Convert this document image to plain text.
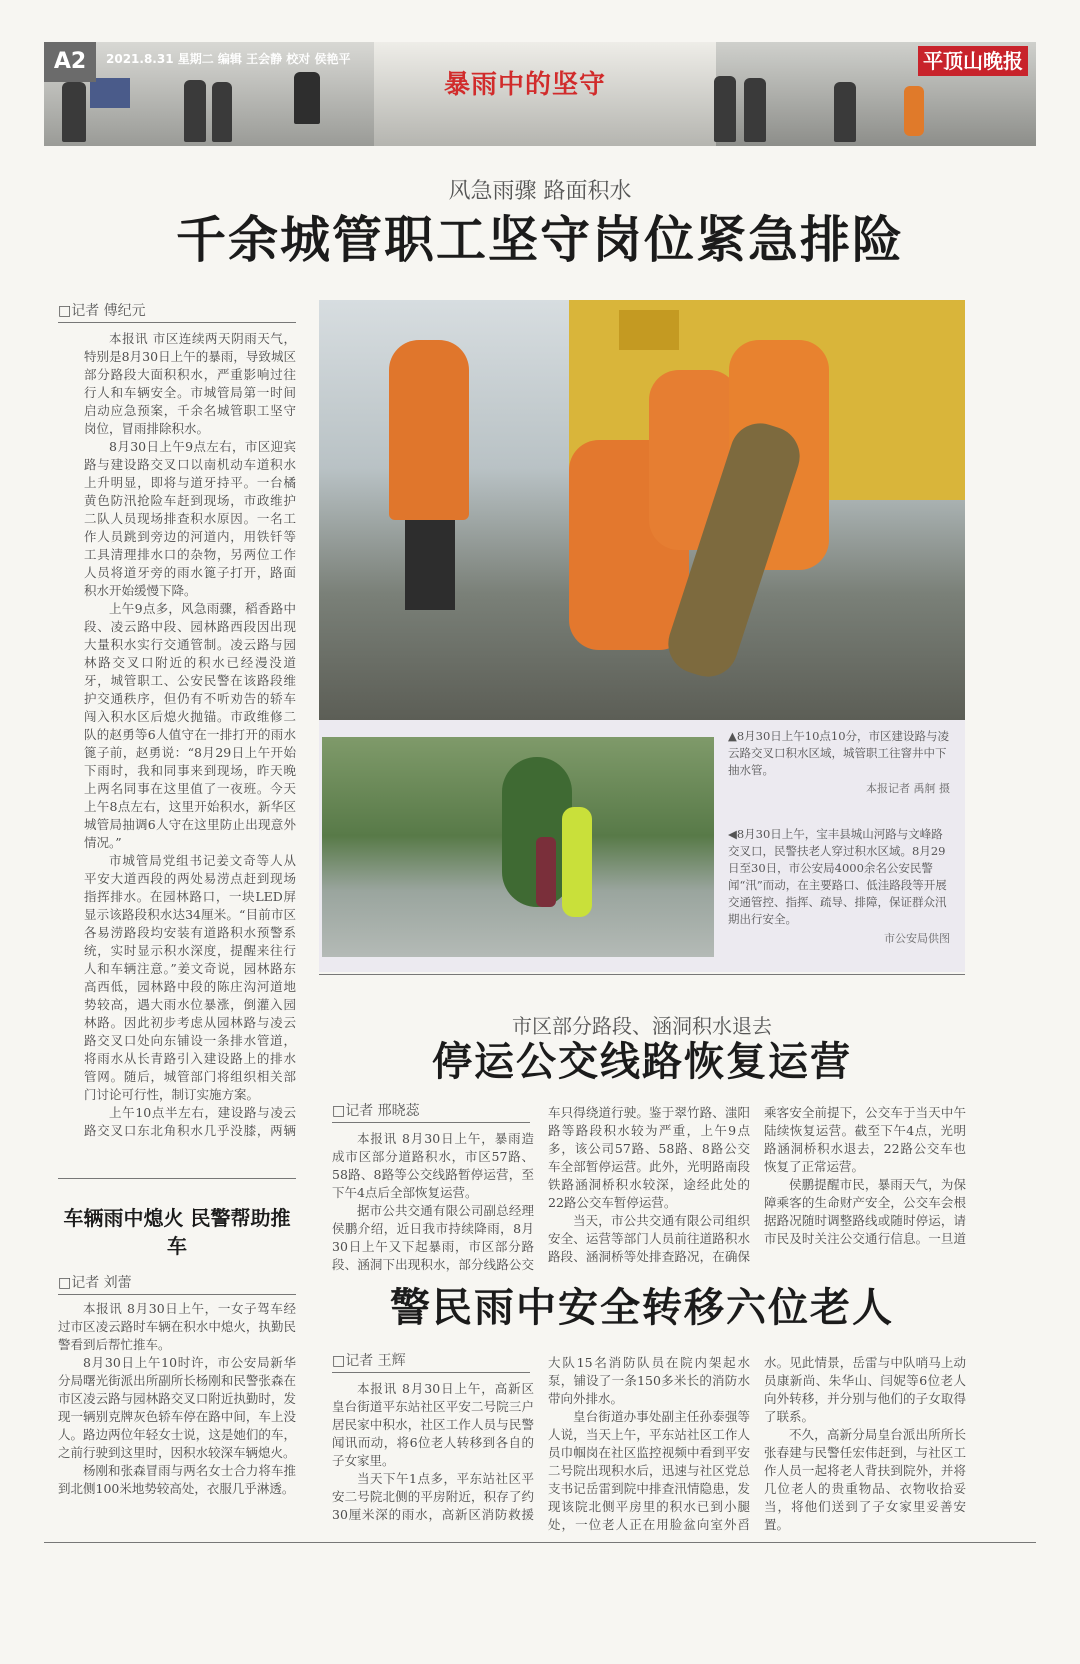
A2	2021.8.31 星期二 编辑 王会静 校对 侯艳平
暴雨中的坚守
平顶山晚报
风急雨骤 路面积水
千余城管职工坚守岗位紧急排险
□记者 傅纪元

本报讯 市区连续两天阴雨天气，特别是8月30日上午的暴雨，导致城区部分路段大面积积水，严重影响过往行人和车辆安全。市城管局第一时间启动应急预案，千余名城管职工坚守岗位，冒雨排除积水。

8月30日上午9点左右，市区迎宾路与建设路交叉口以南机动车道积水上升明显，即将与道牙持平。一台橘黄色防汛抢险车赶到现场，市政维护二队人员现场排查积水原因。一名工作人员跳到旁边的河道内，用铁钎等工具清理排水口的杂物，另两位工作人员将道牙旁的雨水篦子打开，路面积水开始缓慢下降。

上午9点多，风急雨骤，稻香路中段、凌云路中段、园林路西段因出现大量积水实行交通管制。凌云路与园林路交叉口附近的积水已经漫没道牙，城管职工、公安民警在该路段维护交通秩序，但仍有不听劝告的轿车闯入积水区后熄火抛锚。市政维修二队的赵勇等6人值守在一排打开的雨水篦子前，赵勇说：“8月29日上午开始下雨时，我和同事来到现场，昨天晚上两名同事在这里值了一夜班。今天上午8点左右，这里开始积水，新华区城管局抽调6人守在这里防止出现意外情况。”

市城管局党组书记姜文奇等人从平安大道西段的两处易涝点赶到现场指挥排水。在园林路口，一块LED屏显示该路段积水达34厘米。“目前市区各易涝路段均安装有道路积水预警系统，实时显示积水深度，提醒来往行人和车辆注意。”姜文奇说，园林路东高西低，园林路中段的陈庄沟河道地势较高，遇大雨水位暴涨，倒灌入园林路。因此初步考虑从园林路与凌云路交叉口处向东铺设一条排水管道，将雨水从长青路引入建设路上的排水管网。随后，城管部门将组织相关部门讨论可行性，制订实施方案。

上午10点半左右，建设路与凌云路交叉口东北角积水几乎没膝，两辆

▲8月30日上午10点10分，市区建设路与凌云路交叉口积水区域，城管职工往窨井中下抽水管。
本报记者 禹舸 摄
◀8月30日上午，宝丰县城山河路与文峰路交叉口，民警扶老人穿过积水区域。8月29日至30日，市公安局4000余名公安民警闻“汛”而动，在主要路口、低洼路段等开展交通管控、指挥、疏导、排障，保证群众汛期出行安全。
市公安局供图
车辆雨中熄火 民警帮助推车
□记者 刘蕾

本报讯 8月30日上午，一女子驾车经过市区凌云路时车辆在积水中熄火，执勤民警看到后帮忙推车。

8月30日上午10时许，市公安局新华分局曙光街派出所副所长杨刚和民警张森在市区凌云路与园林路交叉口附近执勤时，发现一辆别克牌灰色轿车停在路中间，车上没人。路边两位年轻女士说，这是她们的车，之前行驶到这里时，因积水较深车辆熄火。

杨刚和张森冒雨与两名女士合力将车推到北侧100米地势较高处，衣服几乎淋透。

市区部分路段、涵洞积水退去
停运公交线路恢复运营
□记者 邢晓蕊

本报讯 8月30日上午，暴雨造成市区部分道路积水，市区57路、58路、8路等公交线路暂停运营，至下午4点后全部恢复运营。

据市公共交通有限公司副总经理侯鹏介绍，近日我市持续降雨，8月30日上午又下起暴雨，市区部分路段、涵洞下出现积水，部分线路公交车只得绕道行驶。鉴于翠竹路、滍阳路等路段积水较为严重，上午9点多，该公司57路、58路、8路公交车全部暂停运营。此外，光明路南段铁路涵洞桥积水较深，途经此处的22路公交车暂停运营。

当天，市公共交通有限公司组织安全、运营等部门人员前往道路积水路段、涵洞桥等处排查路况，在确保乘客安全前提下，公交车于当天中午陆续恢复运营。截至下午4点，光明路涵洞桥积水退去，22路公交车也恢复了正常运营。

侯鹏提醒市民，暴雨天气，为保障乘客的生命财产安全，公交车会根据路况随时调整路线或随时停运，请市民及时关注公交通行信息。一旦道

警民雨中安全转移六位老人
□记者 王辉

本报讯 8月30日上午，高新区皇台街道平东站社区平安二号院三户居民家中积水，社区工作人员与民警闻讯而动，将6位老人转移到各自的子女家里。

当天下午1点多，平东站社区平安二号院北侧的平房附近，积存了约30厘米深的雨水，高新区消防救援大队15名消防队员在院内架起水泵，铺设了一条150多米长的消防水带向外排水。

皇台街道办事处副主任孙泰强等人说，当天上午，平东站社区工作人员巾帼岗在社区监控视频中看到平安二号院出现积水后，迅速与社区党总支书记岳雷到院中排查汛情隐患，发现该院北侧平房里的积水已到小腿处，一位老人正在用脸盆向室外舀水。见此情景，岳雷与中队哨马上动员康新尚、朱华山、闫妮等6位老人向外转移，并分别与他们的子女取得了联系。

不久，高新分局皇台派出所所长张春建与民警任宏伟赶到，与社区工作人员一起将老人背扶到院外，并将几位老人的贵重物品、衣物收拾妥当，将他们送到了子女家里妥善安置。
